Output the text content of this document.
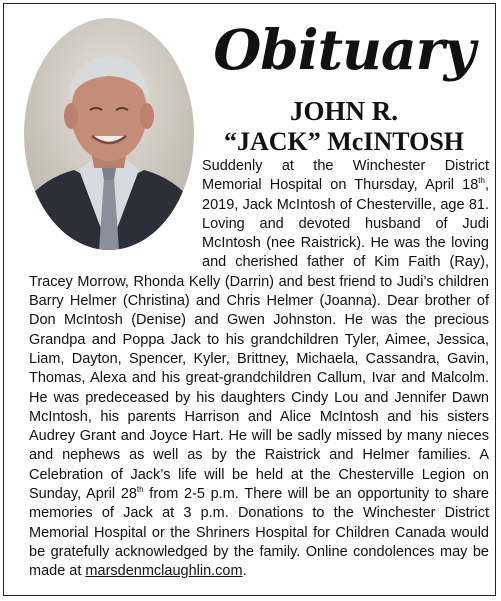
Obituary
JOHN R.
“JACK” McINTOSH
Suddenly at the Winchester District Memorial Hospital on Thursday, April 18th, 2019, Jack McIntosh of Chesterville, age 81. Loving and devoted husband of Judi McIntosh (nee Raistrick). He was the loving and cherished father of Kim Faith (Ray), Tracey Morrow, Rhonda Kelly (Darrin) and best friend to Judi’s children Barry Helmer (Christina) and Chris Helmer (Joanna). Dear brother of Don McIntosh (Denise) and Gwen Johnston. He was the precious Grandpa and Poppa Jack to his grandchildren Tyler, Aimee, Jessica, Liam, Dayton, Spencer, Kyler, Brittney, Michaela, Cassandra, Gavin, Thomas, Alexa and his great-grandchildren Callum, Ivar and Malcolm. He was predeceased by his daughters Cindy Lou and Jennifer Dawn McIntosh, his parents Harrison and Alice McIntosh and his sisters Audrey Grant and Joyce Hart. He will be sadly missed by many nieces and nephews as well as by the Raistrick and Helmer families. A Celebration of Jack’s life will be held at the Chesterville Legion on Sunday, April 28th from 2-5 p.m. There will be an opportunity to share memories of Jack at 3 p.m. Donations to the Winchester District Memorial Hospital or the Shriners Hospital for Children Canada would be gratefully acknowledged by the family. Online condolences may be made at marsdenmclaughlin.com.
